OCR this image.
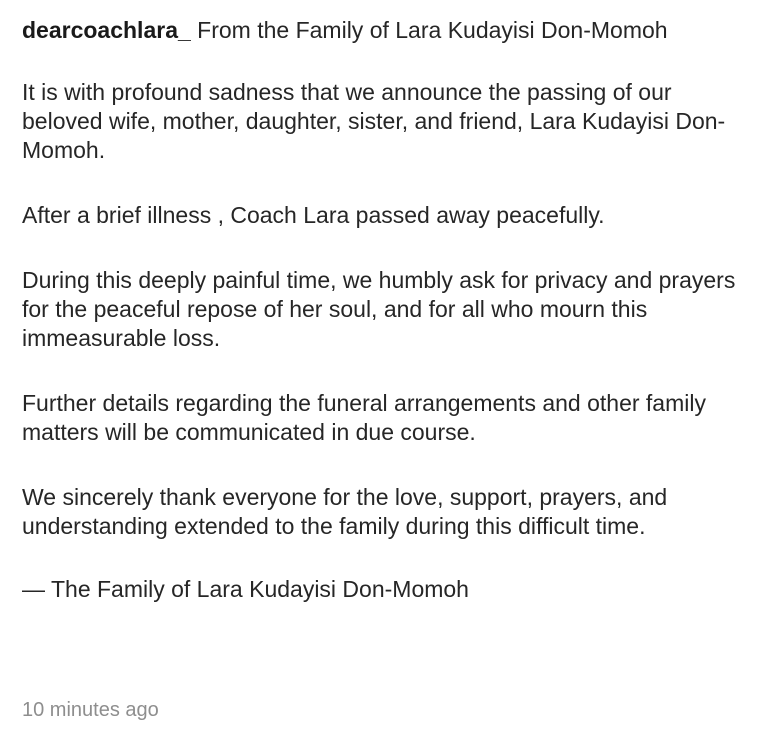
dearcoachlara_ From the Family of Lara Kudayisi Don-Momoh
It is with profound sadness that we announce the passing of our beloved wife, mother, daughter, sister, and friend, Lara Kudayisi Don-Momoh.
After a brief illness , Coach Lara passed away peacefully.
During this deeply painful time, we humbly ask for privacy and prayers for the peaceful repose of her soul, and for all who mourn this immeasurable loss.
Further details regarding the funeral arrangements and other family matters will be communicated in due course.
We sincerely thank everyone for the love, support, prayers, and understanding extended to the family during this difficult time.
— The Family of Lara Kudayisi Don-Momoh
10 minutes ago
